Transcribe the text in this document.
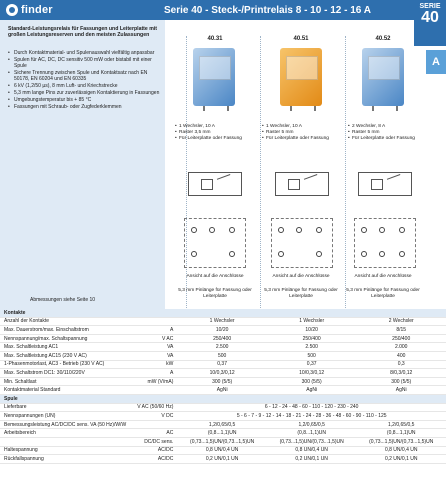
finder	Serie 40 - Steck-/Printrelais 8 - 10 - 12 - 16 A	SERIE
40
A
Standard-Leistungsrelais für Fassungen und Leiterplatte mit großen Leistungsreserven und den meisten Zulassungen
• Durch Kontaktmaterial- und Spulenauswahl vielfältig anpassbar
• Spulen für AC, DC, DC sensitiv 500 mW oder bistabil mit einer Spule
• Sichere Trennung zwischen Spule und Kontaktsatz nach EN 50178, EN 60204 und EN 60335
• 6 kV (1,2/50 µs), 8 mm Luft- und Kriechstrecke
• 5,3 mm lange Pins zur zuverlässigen Kontaktierung in Fassungen
• Umgebungstemperatur bis + 85 °C
• Fassungen mit Schraub- oder Zugfederklemmen
Abmessungen siehe Seite 10
40.31
• 1 Wechsler, 10 A
• Raster 3,5 mm
• Für Leiterplatte oder Fassung
Ansicht auf die Anschlüsse
5,3 mm Pinlänge für Fassung oder Leiterplatte
40.51
• 1 Wechsler, 10 A
• Raster 5 mm
• Für Leiterplatte oder Fassung
Ansicht auf die Anschlüsse
5,3 mm Pinlänge für Fassung oder Leiterplatte
40.52
• 2 Wechsler, 8 A
• Raster 5 mm
• Für Leiterplatte oder Fassung
Ansicht auf die Anschlüsse
5,3 mm Pinlänge für Fassung oder Leiterplatte
Kontakte				
Anzahl der Kontakte		1 Wechsler	1 Wechsler	2 Wechsler
Max. Dauerstrom/max. Einschaltstrom	A	10/20	10/20	8/15
Nennspannung/max. Schaltspannung	V AC	250/400	250/400	250/400
Max. Schaltleistung AC1	VA	2.500	2.500	2.000
Max. Schaltleistung AC15 (230 V AC)	VA	500	500	400
1-Phasenmotorlast, AC3 - Betrieb (230 V AC)	kW	0,37	0,37	0,3
Max. Schaltstrom DC1: 30/110/220V	A	10/0,3/0,12	10/0,3/0,12	8/0,3/0,12
Min. Schaltlast	mW (V/mA)	300 (5/5)	300 (5/5)	300 (5/5)
Kontaktmaterial Standard		AgNi	AgNi	AgNi
Spule				
Lieferbare	V AC (50/60 Hz)	6 - 12 - 24 - 48 - 60 - 110 - 120 - 230 - 240		
Nennspannungen (UN)	V DC	5 - 6 - 7 - 9 - 12 - 14 - 18 - 21 - 24 - 28 - 36 - 48 - 60 - 90 - 110 - 125		
Bemessungsleistung AC/DC/DC sens. VA (50 Hz)/W/W		1,2/0,65/0,5	1,2/0,65/0,5	1,2/0,65/0,5
Arbeitsbereich	AC	(0,8...1,1)UN	(0,8...1,1)UN	(0,8...1,1)UN
	DC/DC sens.	(0,73...1,5)UN/(0,73...1,5)UN	(0,73...1,5)UN/(0,73...1,5)UN	(0,73...1,5)UN/(0,73...1,5)UN
Haltespannung	AC/DC	0,8 UN/0,4 UN	0,8 UN/0,4 UN	0,8 UN/0,4 UN
Rückfallspannung	AC/DC	0,2 UN/0,1 UN	0,2 UN/0,1 UN	0,2 UN/0,1 UN
